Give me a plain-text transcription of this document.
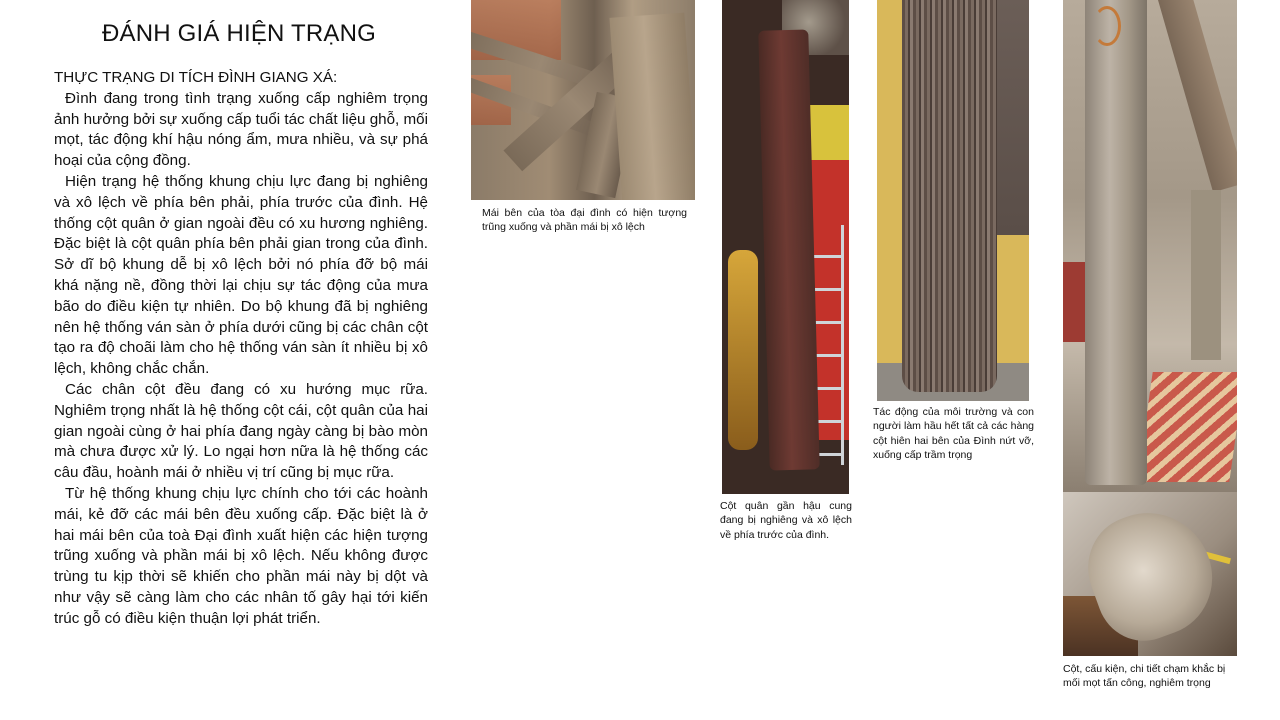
ĐÁNH GIÁ HIỆN TRẠNG
THỰC TRẠNG DI TÍCH ĐÌNH GIANG XÁ:

Đình đang trong tình trạng xuống cấp nghiêm trọng ảnh hưởng bởi sự xuống cấp tuổi tác chất liệu ghỗ, mối mọt, tác động khí hậu nóng ẩm, mưa nhiều, và sự phá hoại của cộng đồng.

Hiện trạng hệ thống khung chịu lực đang bị nghiêng và xô lệch về phía bên phải, phía trước của đình. Hệ thống cột quân ở gian ngoài đều có xu hương nghiêng. Đặc biệt là cột quân phía bên phải gian trong của đình. Sở dĩ bộ khung dễ bị xô lệch bởi nó phía đỡ bộ mái khá nặng nề, đồng thời lại chịu sự tác động của mưa bão do điều kiện tự nhiên. Do bộ khung đã bị nghiêng nên hệ thống ván sàn ở phía dưới cũng bị các chân cột tạo ra độ choãi làm cho hệ thống ván sàn ít nhiều bị xô lệch, không chắc chắn.

Các chân cột đều đang có xu hướng mục rữa. Nghiêm trọng nhất là hệ thống cột cái, cột quân của hai gian ngoài cùng ở hai phía đang ngày càng bị bào mòn mà chưa được xử lý. Lo ngại hơn nữa là hệ thống các câu đầu, hoành mái ở nhiều vị trí cũng bị mục rữa.

Từ hệ thống khung chịu lực chính cho tới các hoành mái, kẻ đỡ các mái bên đều xuống cấp. Đặc biệt là ở hai mái bên của toà Đại đình xuất hiện các hiện tượng trũng xuống và phần mái bị xô lệch. Nếu không được trùng tu kịp thời sẽ khiến cho phần mái này bị dột và như vậy sẽ càng làm cho các nhân tố gây hại tới kiến trúc gỗ có điều kiện thuận lợi phát triển.

Mái bên của tòa đại đình có hiện tượng trũng xuống và phần mái bị xô lệch
Cột quân gần hậu cung đang bị nghiêng và xô lệch về phía trước của đình.
Tác động của môi trường và con người làm hầu hết tất cả các hàng cột hiên hai bên của Đình nứt vỡ, xuống cấp trầm trọng
Cột, cấu kiện, chi tiết chạm khắc bị mối mọt tấn công, nghiêm trọng
